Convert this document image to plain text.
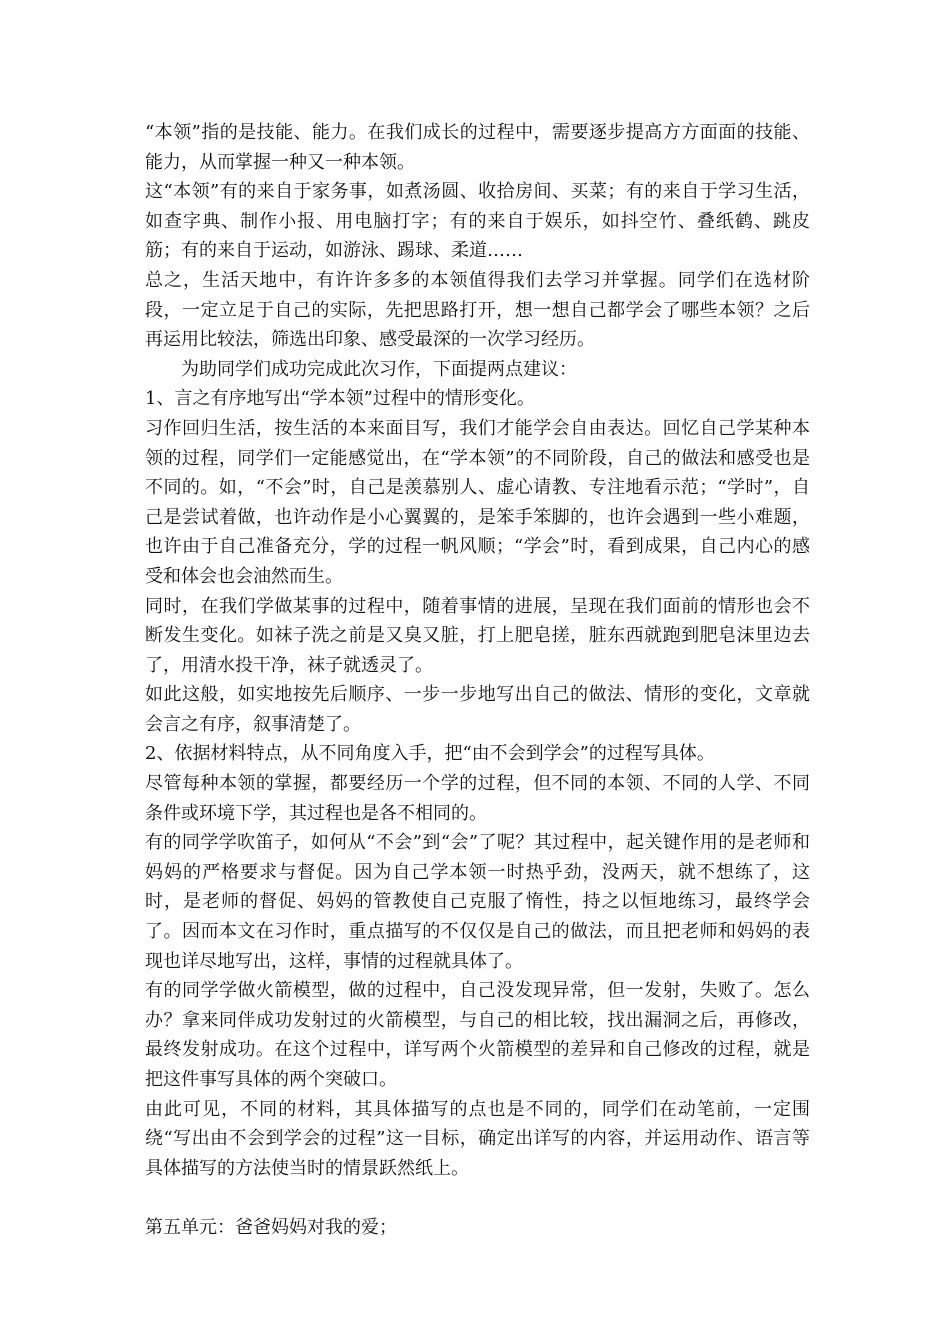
“本领”指的是技能、能力。在我们成长的过程中，需要逐步提高方方面面的技能、能力，从而掌握一种又一种本领。

这“本领”有的来自于家务事，如煮汤圆、收拾房间、买菜；有的来自于学习生活，如查字典、制作小报、用电脑打字；有的来自于娱乐，如抖空竹、叠纸鹤、跳皮筋；有的来自于运动，如游泳、踢球、柔道……

总之，生活天地中，有许许多多的本领值得我们去学习并掌握。同学们在选材阶段，一定立足于自己的实际，先把思路打开，想一想自己都学会了哪些本领？之后再运用比较法，筛选出印象、感受最深的一次学习经历。

为助同学们成功完成此次习作，下面提两点建议：

1、言之有序地写出“学本领”过程中的情形变化。

习作回归生活，按生活的本来面目写，我们才能学会自由表达。回忆自己学某种本领的过程，同学们一定能感觉出，在“学本领”的不同阶段，自己的做法和感受也是不同的。如，“不会”时，自己是羡慕别人、虚心请教、专注地看示范；“学时”，自己是尝试着做，也许动作是小心翼翼的，是笨手笨脚的，也许会遇到一些小难题，也许由于自己准备充分，学的过程一帆风顺；“学会”时，看到成果，自己内心的感受和体会也会油然而生。

同时，在我们学做某事的过程中，随着事情的进展，呈现在我们面前的情形也会不断发生变化。如袜子洗之前是又臭又脏，打上肥皂搓，脏东西就跑到肥皂沫里边去了，用清水投干净，袜子就透灵了。

如此这般，如实地按先后顺序、一步一步地写出自己的做法、情形的变化，文章就会言之有序，叙事清楚了。

2、依据材料特点，从不同角度入手，把“由不会到学会”的过程写具体。

尽管每种本领的掌握，都要经历一个学的过程，但不同的本领、不同的人学、不同条件或环境下学，其过程也是各不相同的。

有的同学学吹笛子，如何从“不会”到“会”了呢？其过程中，起关键作用的是老师和妈妈的严格要求与督促。因为自己学本领一时热乎劲，没两天，就不想练了，这时，是老师的督促、妈妈的管教使自己克服了惰性，持之以恒地练习，最终学会了。因而本文在习作时，重点描写的不仅仅是自己的做法，而且把老师和妈妈的表现也详尽地写出，这样，事情的过程就具体了。

有的同学学做火箭模型，做的过程中，自己没发现异常，但一发射，失败了。怎么办？拿来同伴成功发射过的火箭模型，与自己的相比较，找出漏洞之后，再修改，最终发射成功。在这个过程中，详写两个火箭模型的差异和自己修改的过程，就是把这件事写具体的两个突破口。

由此可见，不同的材料，其具体描写的点也是不同的，同学们在动笔前，一定围绕“写出由不会到学会的过程”这一目标，确定出详写的内容，并运用动作、语言等具体描写的方法使当时的情景跃然纸上。

第五单元：爸爸妈妈对我的爱；
